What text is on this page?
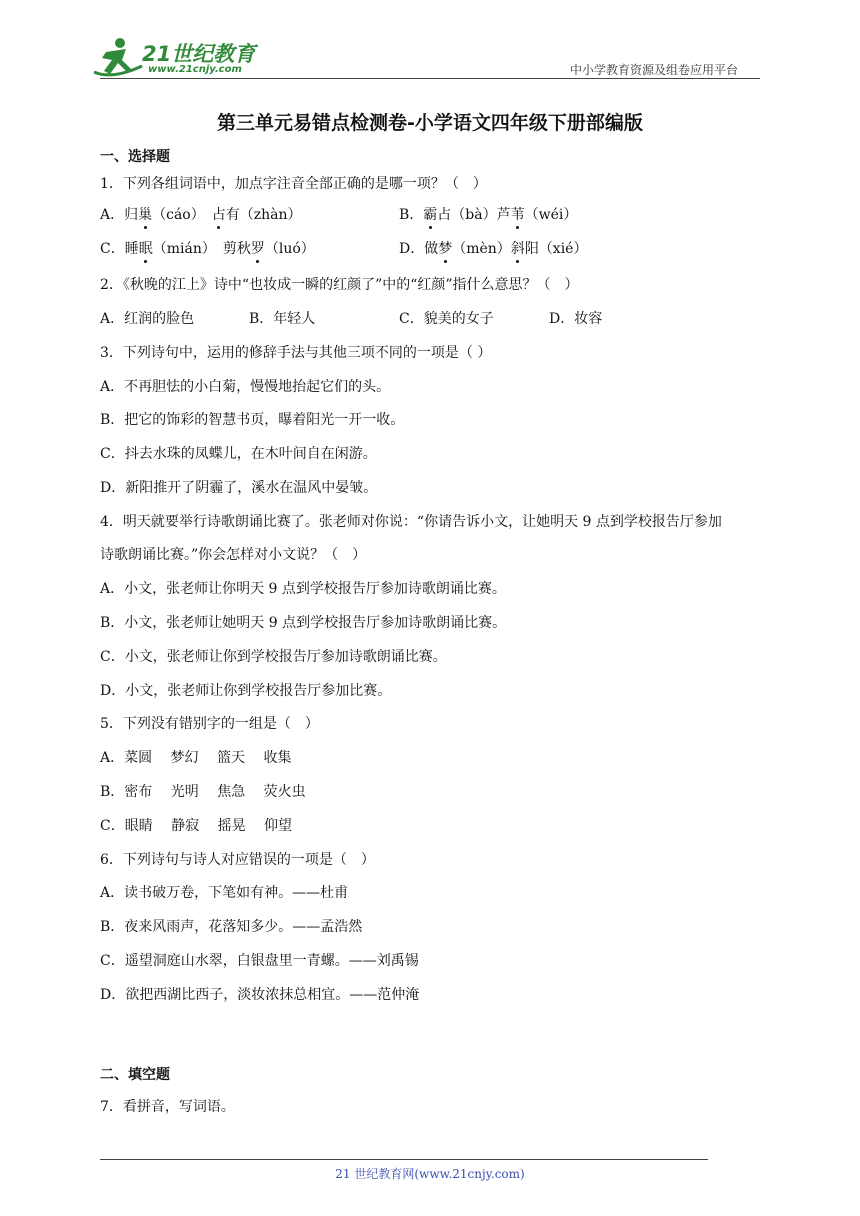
21世纪教育
www.21cnjy.com	中小学教育资源及组卷应用平台
第三单元易错点检测卷-小学语文四年级下册部编版
一、选择题
1．下列各组词语中，加点字注音全部正确的是哪一项？（　）
A．归巢（cáo）　占有（zhàn）	B．霸占（bà）芦苇（wéi）
C．睡眠（mián）　剪秋罗（luó）	D．做梦（mèn）斜阳（xié）
2．《秋晚的江上》诗中“也妆成一瞬的红颜了”中的“红颜”指什么意思？（　）
A．红润的脸色	B．年轻人	C．貌美的女子	D．妆容
3．下列诗句中，运用的修辞手法与其他三项不同的一项是（ ）
A．不再胆怯的小白菊，慢慢地抬起它们的头。
B．把它的饰彩的智慧书页，曝着阳光一开一收。
C．抖去水珠的凤蝶儿，在木叶间自在闲游。
D．新阳推开了阴霾了，溪水在温风中晏皱。
4．明天就要举行诗歌朗诵比赛了。张老师对你说：“你请告诉小文，让她明天 9 点到学校报告厅参加
诗歌朗诵比赛。”你会怎样对小文说？（　）
A．小文，张老师让你明天 9 点到学校报告厅参加诗歌朗诵比赛。
B．小文，张老师让她明天 9 点到学校报告厅参加诗歌朗诵比赛。
C．小文，张老师让你到学校报告厅参加诗歌朗诵比赛。
D．小文，张老师让你到学校报告厅参加比赛。
5．下列没有错别字的一组是（　）
A．菜圆　 梦幻　 篮天　 收集
B．密布　 光明　 焦急　 荧火虫
C．眼睛　 静寂　 摇晃　 仰望
6．下列诗句与诗人对应错误的一项是（　）
A．读书破万卷，下笔如有神。——杜甫
B．夜来风雨声，花落知多少。——孟浩然
C．遥望洞庭山水翠，白银盘里一青螺。——刘禹锡
D．欲把西湖比西子，淡妆浓抹总相宜。——范仲淹
二、填空题
7．看拼音，写词语。
21 世纪教育网(www.21cnjy.com)
